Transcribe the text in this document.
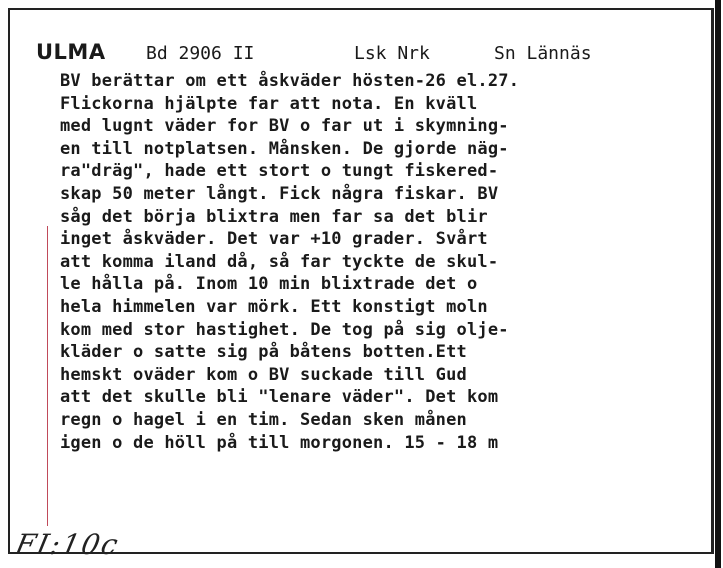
ULMA Bd 2906 II	Lsk Nrk	Sn Lännäs
BV berättar om ett åskväder hösten-26 el.27.
Flickorna hjälpte far att nota. En kväll
med lugnt väder for BV o far ut i skymning-
en till notplatsen. Månsken. De gjorde näg-
ra"dräg", hade ett stort o tungt fiskered-
skap 50 meter långt. Fick några fiskar. BV
såg det börja blixtra men far sa det blir
inget åskväder. Det var +10 grader. Svårt
att komma iland då, så far tyckte de skul-
le hålla på. Inom 10 min blixtrade det o
hela himmelen var mörk. Ett konstigt moln
kom med stor hastighet. De tog på sig olje-
kläder o satte sig på båtens botten.Ett
hemskt oväder kom o BV suckade till Gud
att det skulle bli "lenare väder". Det kom
regn o hagel i en tim. Sedan sken månen
igen o de höll på till morgonen. 15 - 18 m
FI:10c
